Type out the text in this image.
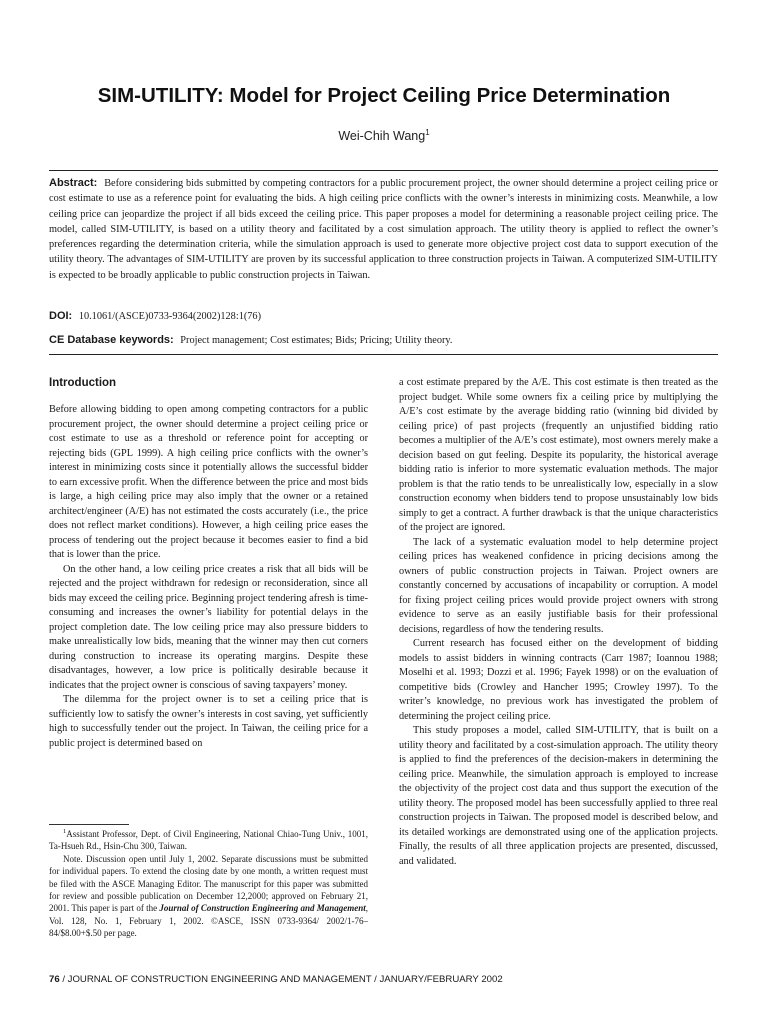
SIM-UTILITY: Model for Project Ceiling Price Determination
Wei-Chih Wang$^1$

Abstract: Before considering bids submitted by competing contractors for a public procurement project, the owner should determine a project ceiling price or cost estimate to use as a reference point for evaluating the bids. A high ceiling price conflicts with the owner’s interests in minimizing costs. Meanwhile, a low ceiling price can jeopardize the project if all bids exceed the ceiling price. This paper proposes a model for determining a reasonable project ceiling price. The model, called SIM-UTILITY, is based on a utility theory and facilitated by a cost simulation approach. The utility theory is applied to reflect the owner’s preferences regarding the determination criteria, while the simulation approach is used to generate more objective project cost data to support execution of the utility theory. The advantages of SIM-UTILITY are proven by its successful application to three construction projects in Taiwan. A computerized SIM-UTILITY is expected to be broadly applicable to public construction projects in Taiwan.

DOI: 10.1061/(ASCE)0733-9364(2002)128:1(76)

CE Database keywords: Project management; Cost estimates; Bids; Pricing; Utility theory.

Introduction

Before allowing bidding to open among competing contractors for a public procurement project, the owner should determine a project ceiling price or cost estimate to use as a threshold or reference point for accepting or rejecting bids (GPL 1999). A high ceiling price conflicts with the owner’s interest in minimizing costs since it potentially allows the successful bidder to earn excessive profit. When the difference between the price and most bids is large, a high ceiling price may also imply that the owner or a retained architect/engineer (A/E) has not estimated the costs accurately (i.e., the price does not reflect market conditions). However, a high ceiling price eases the process of tendering out the project because it becomes easier to find a bid that is lower than the price.

On the other hand, a low ceiling price creates a risk that all bids will be rejected and the project withdrawn for redesign or reconsideration, since all bids may exceed the ceiling price. Beginning project tendering afresh is time-consuming and increases the owner’s liability for potential delays in the project completion date. The low ceiling price may also pressure bidders to make unrealistically low bids, meaning that the winner may then cut corners during construction to increase its operating margins. Despite these disadvantages, however, a low price is politically desirable because it indicates that the project owner is conscious of saving taxpayers’ money.

The dilemma for the project owner is to set a ceiling price that is sufficiently low to satisfy the owner’s interests in cost saving, yet sufficiently high to successfully tender out the project. In Taiwan, the ceiling price for a public project is determined based on

a cost estimate prepared by the A/E. This cost estimate is then treated as the project budget. While some owners fix a ceiling price by multiplying the A/E’s cost estimate by the average bidding ratio (winning bid divided by ceiling price) of past projects (frequently an unjustified bidding ratio becomes a multiplier of the A/E’s cost estimate), most owners merely make a decision based on gut feeling. Despite its popularity, the historical average bidding ratio is inferior to more systematic evaluation methods. The major problem is that the ratio tends to be unrealistically low, especially in a slow construction economy when bidders tend to propose unsustainably low bids simply to get a contract. A further drawback is that the unique characteristics of the project are ignored.

The lack of a systematic evaluation model to help determine project ceiling prices has weakened confidence in pricing decisions among the owners of public construction projects in Taiwan. Project owners are constantly concerned by accusations of incapability or corruption. A model for fixing project ceiling prices would provide project owners with strong evidence to serve as an easily justifiable basis for their professional decisions, regardless of how the tendering results.

Current research has focused either on the development of bidding models to assist bidders in winning contracts (Carr 1987; Ioannou 1988; Moselhi et al. 1993; Dozzi et al. 1996; Fayek 1998) or on the evaluation of competitive bids (Crowley and Hancher 1995; Crowley 1997). To the writer’s knowledge, no previous work has investigated the problem of determining the project ceiling price.

This study proposes a model, called SIM-UTILITY, that is built on a utility theory and facilitated by a cost-simulation approach. The utility theory is applied to find the preferences of the decision-makers in determining the ceiling price. Meanwhile, the simulation approach is employed to increase the objectivity of the project cost data and thus support the execution of the utility theory. The proposed model has been successfully applied to three real construction projects in Taiwan. The proposed model is described below, and its detailed workings are demonstrated using one of the application projects. Finally, the results of all three application projects are presented, discussed, and validated.

$^1$Assistant Professor, Dept. of Civil Engineering, National Chiao-Tung Univ., 1001, Ta-Hsueh Rd., Hsin-Chu 300, Taiwan.

Note. Discussion open until July 1, 2002. Separate discussions must be submitted for individual papers. To extend the closing date by one month, a written request must be filed with the ASCE Managing Editor. The manuscript for this paper was submitted for review and possible publication on December 12,2000; approved on February 21, 2001. This paper is part of the Journal of Construction Engineering and Management, Vol. 128, No. 1, February 1, 2002. ©ASCE, ISSN 0733-9364/ 2002/1-76–84/$8.00+$.50 per page.

76 / JOURNAL OF CONSTRUCTION ENGINEERING AND MANAGEMENT / JANUARY/FEBRUARY 2002
